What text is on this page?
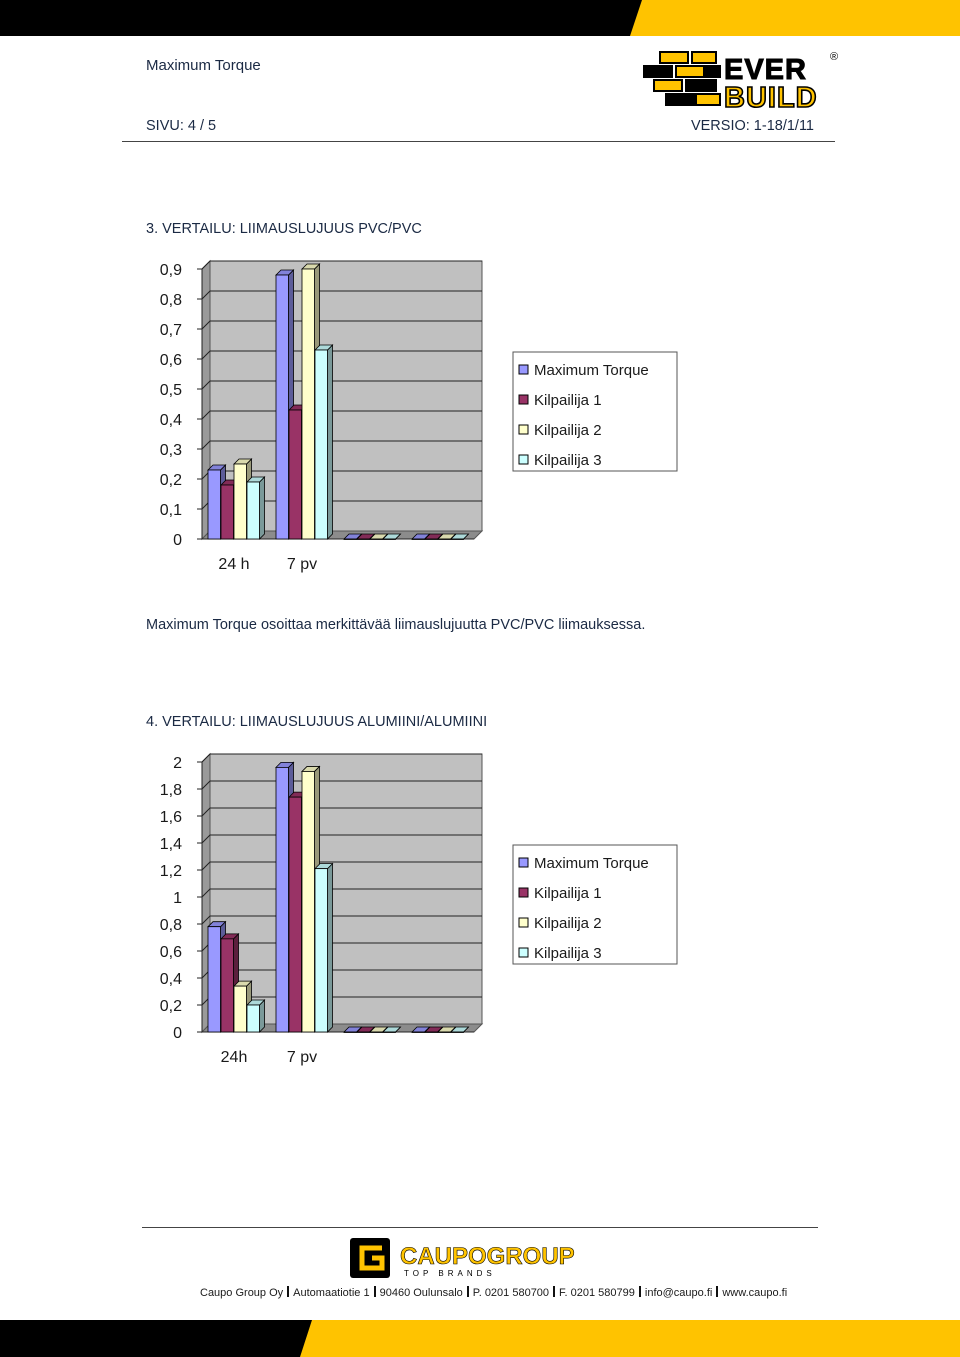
Maximum Torque
SIVU: 4 / 5	VERSIO: 1-18/1/11
EVER
BUILD
®
3. VERTAILU: LIIMAUSLUJUUS PVC/PVC
0
0,1
0,2
0,3
0,4
0,5
0,6
0,7
0,8
0,9
24 h 7 pv
Maximum Torque
Kilpailija 1
Kilpailija 2
Kilpailija 3
Maximum Torque osoittaa merkittävää liimauslujuutta PVC/PVC liimauksessa.
4. VERTAILU: LIIMAUSLUJUUS ALUMIINI/ALUMIINI
0
0,2
0,4
0,6
0,8
1
1,2
1,4
1,6
1,8
2
24h 7 pv
Maximum Torque
Kilpailija 1
Kilpailija 2
Kilpailija 3
CAUPOGROUP
TOP BRANDS
Caupo Group Oy Automaatiotie 1 90460 Oulunsalo P. 0201 580700 F. 0201 580799 info@caupo.fi www.caupo.fi
